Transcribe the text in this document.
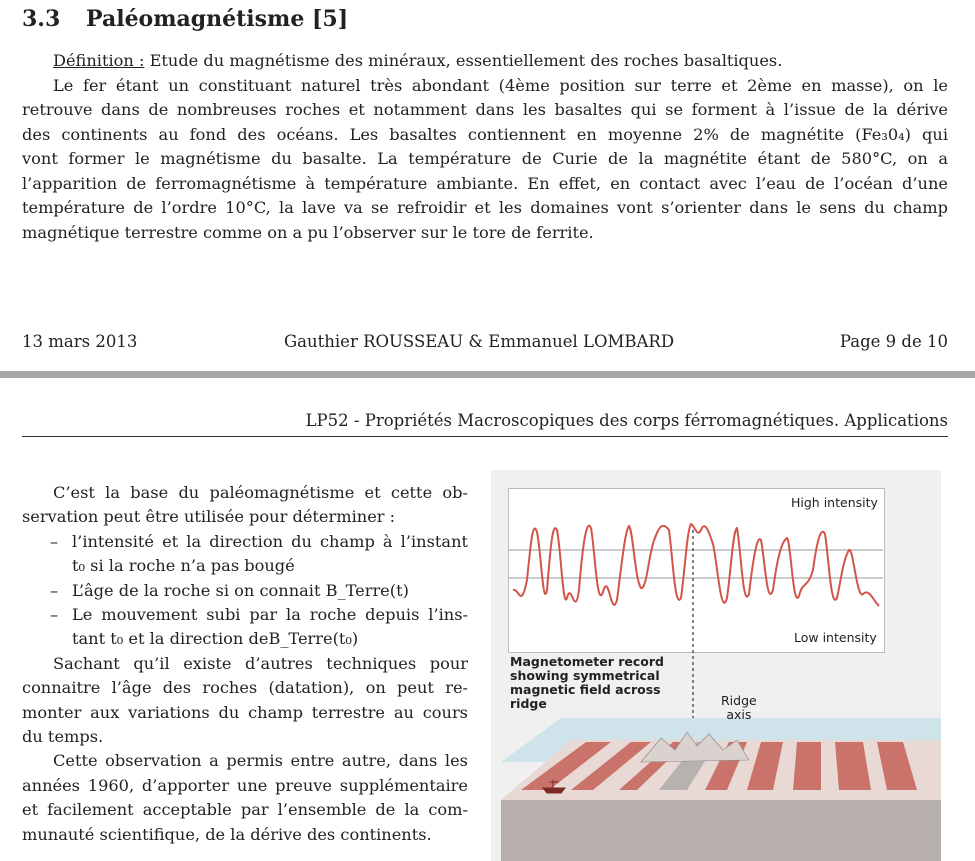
3.3 Paléomagnétisme [5]
Définition : Etude du magnétisme des minéraux, essentiellement des roches basaltiques.
Le fer étant un constituant naturel très abondant (4ème position sur terre et 2ème en masse), on le
retrouve dans de nombreuses roches et notamment dans les basaltes qui se forment à l’issue de la dérive
des continents au fond des océans. Les basaltes contiennent en moyenne 2% de magnétite (Fe₃0₄) qui
vont former le magnétisme du basalte. La température de Curie de la magnétite étant de 580°C, on a
l’apparition de ferromagnétisme à température ambiante. En effet, en contact avec l’eau de l’océan d’une
température de l’ordre 10°C, la lave va se refroidir et les domaines vont s’orienter dans le sens du champ
magnétique terrestre comme on a pu l’observer sur le tore de ferrite.
13 mars 2013	Gauthier ROUSSEAU & Emmanuel LOMBARD	Page 9 de 10
LP52 - Propriétés Macroscopiques des corps férromagnétiques. Applications
C’est la base du paléomagnétisme et cette ob-
servation peut être utilisée pour déterminer :
– l’intensité et la direction du champ à l’instant
t₀ si la roche n’a pas bougé
– L’âge de la roche si on connait B_Terre(t)
– Le mouvement subi par la roche depuis l’ins-
tant t₀ et la direction deB_Terre(t₀)
Sachant qu’il existe d’autres techniques pour
connaitre l’âge des roches (datation), on peut re-
monter aux variations du champ terrestre au cours
du temps.
Cette observation a permis entre autre, dans les
années 1960, d’apporter une preuve supplémentaire
et facilement acceptable par l’ensemble de la com-
munauté scientifique, de la dérive des continents.
High intensity
Low intensity
Magnetometer record
showing symmetrical
magnetic field across
ridge	Ridge
axis
